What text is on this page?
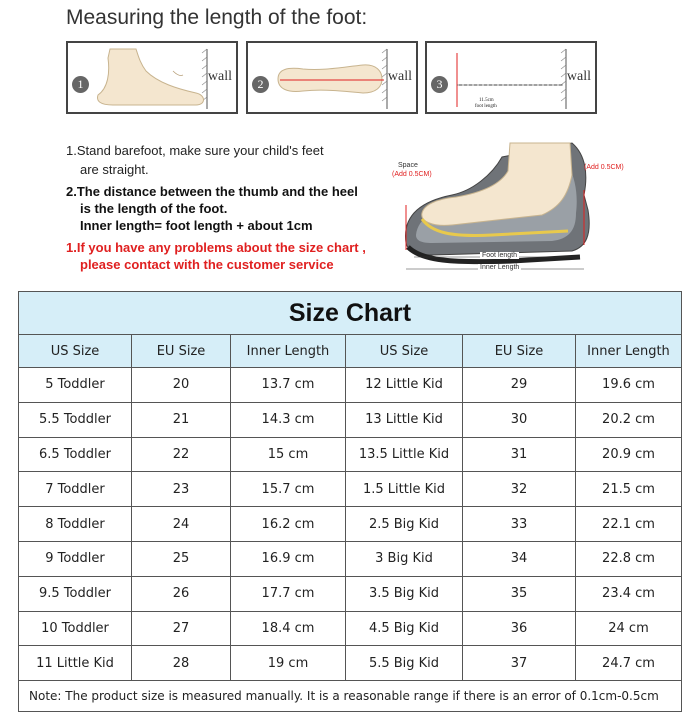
Measuring the length of the foot:
1	wall	2	wall	3	wall
11.5cm
foot length
1.Stand barefoot, make sure your child's feet
are straight.
2.The distance between the thumb and the heel
is the length of the foot.
Inner length= foot length + about 1cm
1.If you have any problems about the size chart ,
please contact with the customer service
Space
(Add 0.5CM)
(Add 0.5CM)
Foot length
Inner Length
Size Chart					
US Size	EU Size	Inner Length	US Size	EU Size	Inner Length
5 Toddler	20	13.7 cm	12 Little Kid	29	19.6 cm
5.5 Toddler	21	14.3 cm	13 Little Kid	30	20.2 cm
6.5 Toddler	22	15 cm	13.5 Little Kid	31	20.9 cm
7 Toddler	23	15.7 cm	1.5 Little Kid	32	21.5 cm
8 Toddler	24	16.2 cm	2.5 Big Kid	33	22.1 cm
9 Toddler	25	16.9 cm	3 Big Kid	34	22.8 cm
9.5 Toddler	26	17.7 cm	3.5 Big Kid	35	23.4 cm
10 Toddler	27	18.4 cm	4.5 Big Kid	36	24 cm
11 Little Kid	28	19 cm	5.5 Big Kid	37	24.7 cm
Note: The product size is measured manually. It is a reasonable range if there is an error of 0.1cm-0.5cm					
